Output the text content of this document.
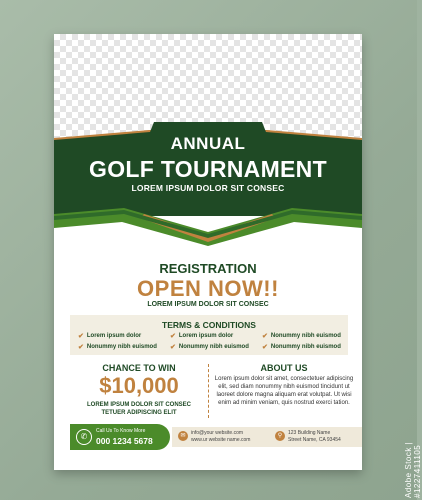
Adobe Stock | #1227411105
ANNUAL
GOLF TOURNAMENT
LOREM IPSUM DOLOR SIT CONSEC
REGISTRATION
OPEN NOW!!
LOREM IPSUM DOLOR SIT CONSEC
TERMS & CONDITIONS
✔ Lorem ipsum dolor	✔ Lorem ipsum dolor	✔ Nonummy nibh euismod
✔ Nonummy nibh euismod ✔ Nonummy nibh euismod ✔ Nonummy nibh euismod
CHANCE TO WIN
$10,000
LOREM IPSUM DOLOR SIT CONSEC
TETUER ADIPISCING ELIT
ABOUT US
Lorem ipsum dolor sit amet, consectetuer adipiscing elit, sed diam nonummy nibh euismod tincidunt ut laoreet dolore magna aliquam erat volutpat. Ut wisi enim ad minim veniam, quis nostrud exerci tation.
✆
Call Us To Know More
000 1234 5678	✉	info@your website.com
www.ur website name.com
⚲	123 Building Name
Street Name, CA 93454
